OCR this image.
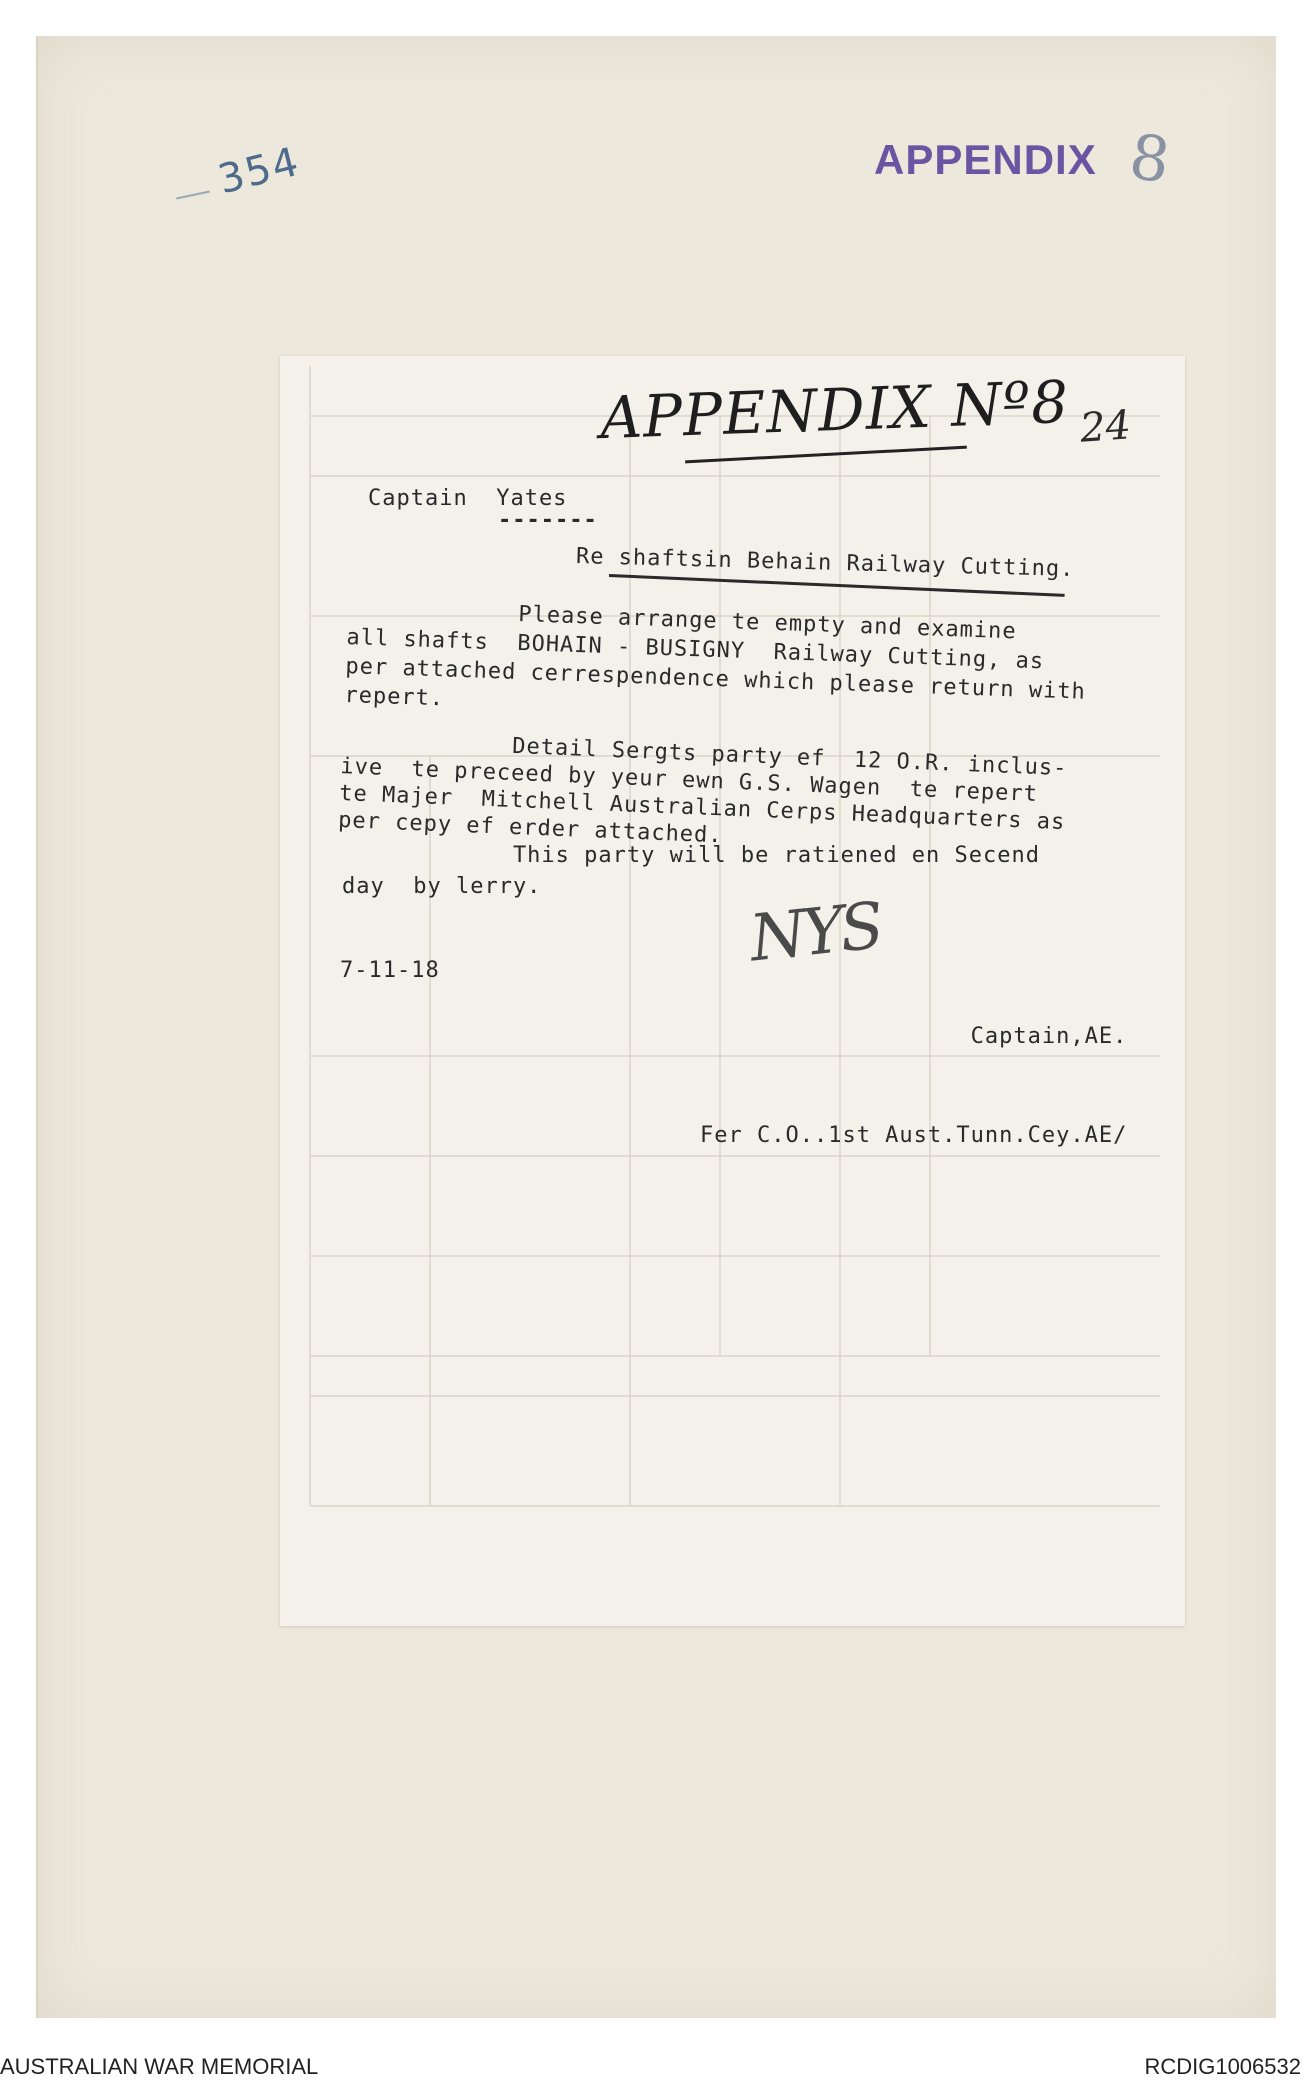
354	APPENDIX 8
APPENDIX Nº8 24
Captain  Yates
-------
Re shaftsin Behain Railway Cutting.
Please arrange te empty and examine
all shafts  BOHAIN - BUSIGNY  Railway Cutting, as
per attached cerrespendence which please return with
repert.
Detail Sergts party ef  12 O.R. inclus-
ive  te preceed by yeur ewn G.S. Wagen  te repert
te Majer  Mitchell Australian Cerps Headquarters as
per cepy ef erder attached.
This party will be ratiened en Secend
day  by lerry.
7-11-18	NYS

Captain,AE.

Fer C.O..1st Aust.Tunn.Cey.AE/

AUSTRALIAN WAR MEMORIAL	RCDIG1006532
